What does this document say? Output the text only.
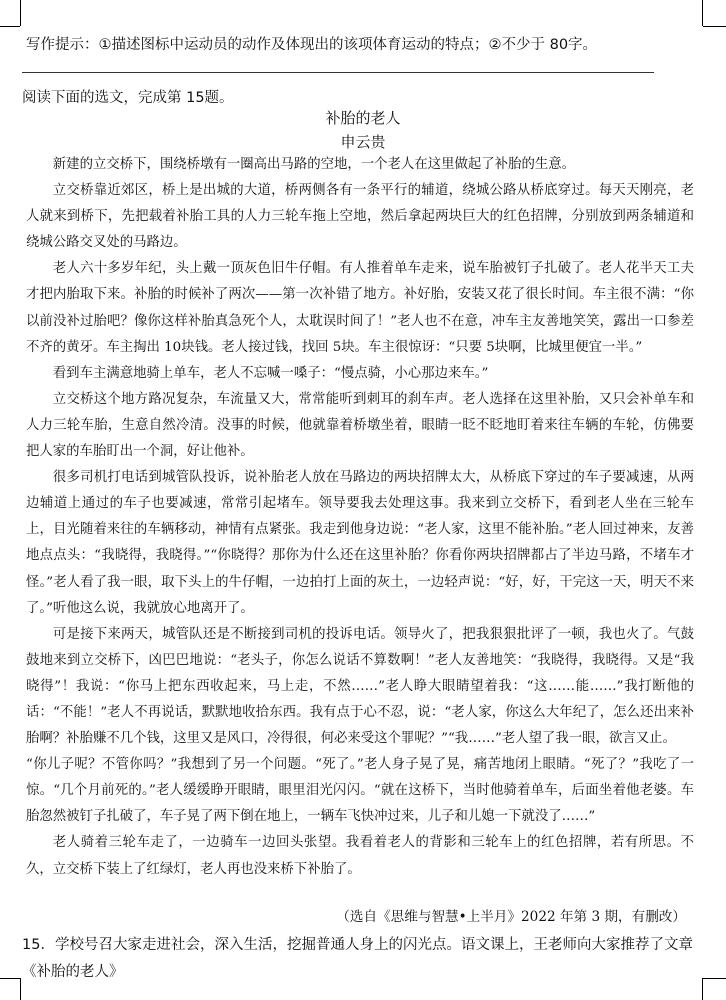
写作提示：①描述图标中运动员的动作及体现出的该项体育运动的特点；②不少于 80字。
阅读下面的选文，完成第 15题。
补胎的老人
申云贵

新建的立交桥下，围绕桥墩有一圈高出马路的空地，一个老人在这里做起了补胎的生意。

立交桥靠近郊区，桥上是出城的大道，桥两侧各有一条平行的辅道，绕城公路从桥底穿过。每天天刚亮，老人就来到桥下，先把载着补胎工具的人力三轮车拖上空地，然后拿起两块巨大的红色招牌，分别放到两条辅道和绕城公路交叉处的马路边。

老人六十多岁年纪，头上戴一顶灰色旧牛仔帽。有人推着单车走来，说车胎被钉子扎破了。老人花半天工夫才把内胎取下来。补胎的时候补了两次——第一次补错了地方。补好胎，安装又花了很长时间。车主很不满：“你以前没补过胎吧？像你这样补胎真急死个人，太耽误时间了！”老人也不在意，冲车主友善地笑笑，露出一口参差不齐的黄牙。车主掏出 10块钱。老人接过钱，找回 5块。车主很惊讶：“只要 5块啊，比城里便宜一半。”

看到车主满意地骑上单车，老人不忘喊一嗓子：“慢点骑，小心那边来车。”

立交桥这个地方路况复杂，车流量又大，常常能听到刺耳的刹车声。老人选择在这里补胎，又只会补单车和人力三轮车胎，生意自然冷清。没事的时候，他就靠着桥墩坐着，眼睛一眨不眨地盯着来往车辆的车轮，仿佛要把人家的车胎盯出一个洞，好让他补。

很多司机打电话到城管队投诉，说补胎老人放在马路边的两块招牌太大，从桥底下穿过的车子要减速，从两边辅道上通过的车子也要减速，常常引起堵车。领导要我去处理这事。我来到立交桥下，看到老人坐在三轮车上，目光随着来往的车辆移动，神情有点紧张。我走到他身边说：“老人家，这里不能补胎。”老人回过神来，友善地点点头：“我晓得，我晓得。”“你晓得？那你为什么还在这里补胎？你看你两块招牌都占了半边马路，不堵车才怪。”老人看了我一眼，取下头上的牛仔帽，一边拍打上面的灰土，一边轻声说：“好，好，干完这一天，明天不来了。”听他这么说，我就放心地离开了。

可是接下来两天，城管队还是不断接到司机的投诉电话。领导火了，把我狠狠批评了一顿，我也火了。气鼓鼓地来到立交桥下，凶巴巴地说：“老头子，你怎么说话不算数啊！”老人友善地笑：“我晓得，我晓得。又是“我晓得”！我说：“你马上把东西收起来，马上走，不然……”老人睁大眼睛望着我：“这……能……”我打断他的话：“不能！”老人不再说话，默默地收拾东西。我有点于心不忍，说：“老人家，你这么大年纪了，怎么还出来补胎啊？补胎赚不几个钱，这里又是风口，冷得很，何必来受这个罪呢？”“我……”老人望了我一眼，欲言又止。

“你儿子呢？不管你吗？”我想到了另一个问题。“死了。”老人身子晃了晃，痛苦地闭上眼睛。“死了？”我吃了一惊。“几个月前死的。”老人缓缓睁开眼睛，眼里泪光闪闪。“就在这桥下，当时他骑着单车，后面坐着他老婆。车胎忽然被钉子扎破了，车子晃了两下倒在地上，一辆车飞快冲过来，儿子和儿媳一下就没了……”

老人骑着三轮车走了，一边骑车一边回头张望。我看着老人的背影和三轮车上的红色招牌，若有所思。不久，立交桥下装上了红绿灯，老人再也没来桥下补胎了。

（选自《思维与智慧•上半月》2022 年第 3 期，有删改）
15．学校号召大家走进社会，深入生活，挖掘普通人身上的闪光点。语文课上，王老师向大家推荐了文章《补胎的老人》
